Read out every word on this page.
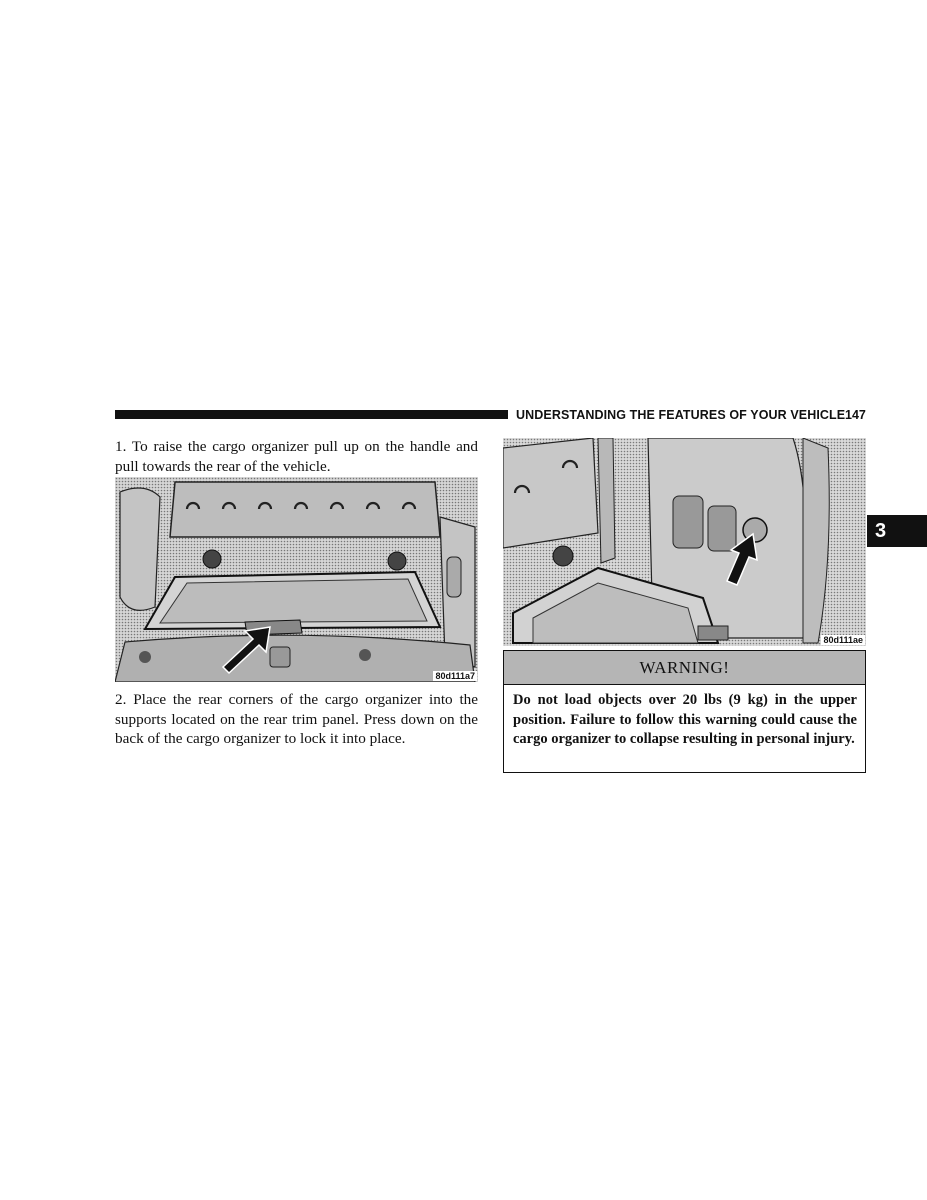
UNDERSTANDING THE FEATURES OF YOUR VEHICLE 147
3

1. To raise the cargo organizer pull up on the handle and pull towards the rear of the vehicle.

80d111a7

2. Place the rear corners of the cargo organizer into the supports located on the rear trim panel. Press down on the back of the cargo organizer to lock it into place.

80d111ae
WARNING!

Do not load objects over 20 lbs (9 kg) in the upper position. Failure to follow this warning could cause the cargo organizer to collapse resulting in personal injury.
